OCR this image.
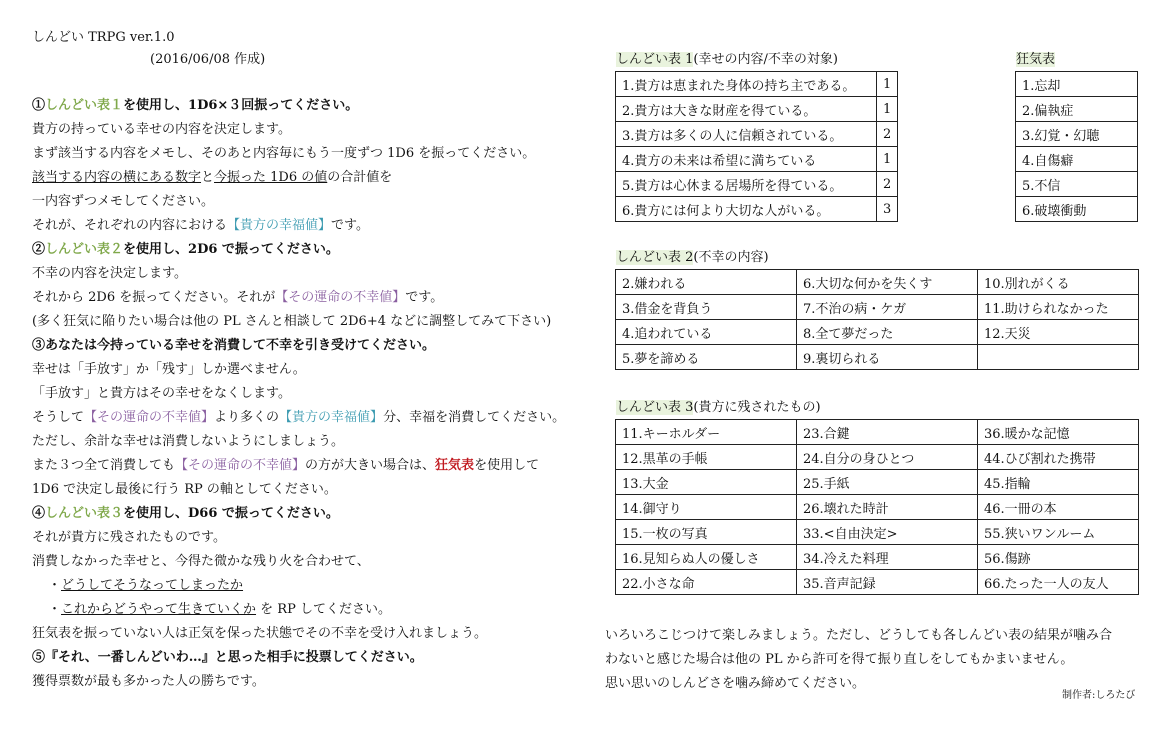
しんどい TRPG ver.1.0
(2016/06/08 作成)
①しんどい表１を使用し、1D6×３回振ってください。
貴方の持っている幸せの内容を決定します。
まず該当する内容をメモし、そのあと内容毎にもう一度ずつ 1D6 を振ってください。
該当する内容の横にある数字と今振った 1D6 の値の合計値を
一内容ずつメモしてください。
それが、それぞれの内容における【貴方の幸福値】です。
②しんどい表２を使用し、2D6 で振ってください。
不幸の内容を決定します。
それから 2D6 を振ってください。それが【その運命の不幸値】です。
(多く狂気に陥りたい場合は他の PL さんと相談して 2D6+4 などに調整してみて下さい)
③あなたは今持っている幸せを消費して不幸を引き受けてください。
幸せは「手放す」か「残す」しか選べません。
「手放す」と貴方はその幸せをなくします。
そうして【その運命の不幸値】より多くの【貴方の幸福値】分、幸福を消費してください。
ただし、余計な幸せは消費しないようにしましょう。
また３つ全て消費しても【その運命の不幸値】の方が大きい場合は、狂気表を使用して
1D6 で決定し最後に行う RP の軸としてください。
④しんどい表３を使用し、D66 で振ってください。
それが貴方に残されたものです。
消費しなかった幸せと、今得た微かな残り火を合わせて、
・どうしてそうなってしまったか
・これからどうやって生きていくか を RP してください。
狂気表を振っていない人は正気を保った状態でその不幸を受け入れましょう。
⑤『それ、一番しんどいわ…』と思った相手に投票してください。
獲得票数が最も多かった人の勝ちです。
しんどい表 1(幸せの内容/不幸の対象)
1.貴方は恵まれた身体の持ち主である。	1
2.貴方は大きな財産を得ている。	1
3.貴方は多くの人に信頼されている。	2
4.貴方の未来は希望に満ちている	1
5.貴方は心休まる居場所を得ている。	2
6.貴方には何より大切な人がいる。	3
狂気表
1.忘却
2.偏執症
3.幻覚・幻聴
4.自傷癖
5.不信
6.破壊衝動
しんどい表 2(不幸の内容)
2.嫌われる	6.大切な何かを失くす	10.別れがくる
3.借金を背負う	7.不治の病・ケガ	11.助けられなかった
4.追われている	8.全て夢だった	12.天災
5.夢を諦める	9.裏切られる	
しんどい表 3(貴方に残されたもの)
11.キーホルダー	23.合鍵	36.暖かな記憶
12.黒革の手帳	24.自分の身ひとつ	44.ひび割れた携帯
13.大金	25.手紙	45.指輪
14.御守り	26.壊れた時計	46.一冊の本
15.一枚の写真	33.<自由決定>	55.狭いワンルーム
16.見知らぬ人の優しさ	34.冷えた料理	56.傷跡
22.小さな命	35.音声記録	66.たった一人の友人
いろいろこじつけて楽しみましょう。ただし、どうしても各しんどい表の結果が噛み合
わないと感じた場合は他の PL から許可を得て振り直しをしてもかまいません。
思い思いのしんどさを噛み締めてください。
制作者:しろたび
